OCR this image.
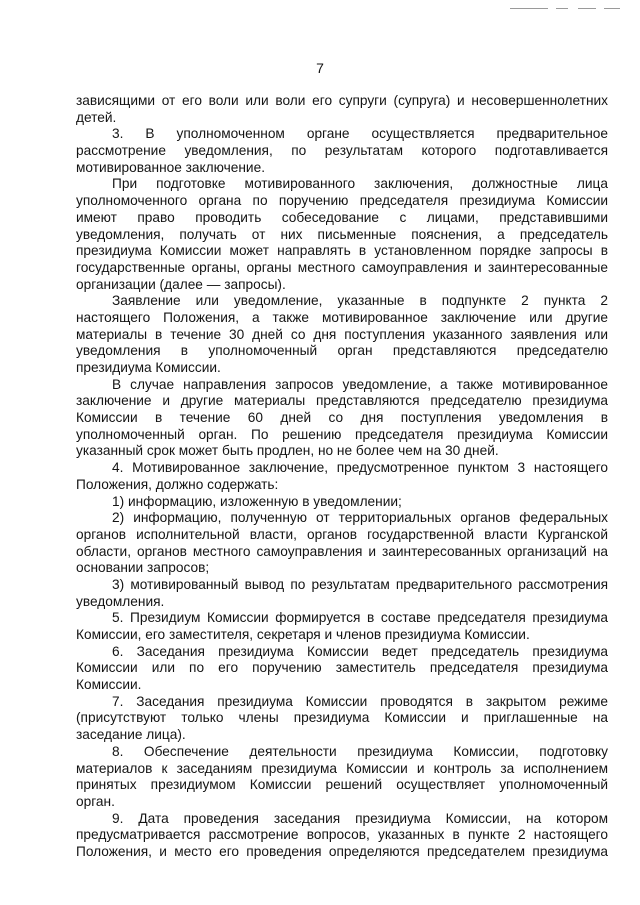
7
зависящими от его воли или воли его супруги (супруга) и несовершеннолетних
детей.
3. В уполномоченном органе осуществляется предварительное
рассмотрение уведомления, по результатам которого подготавливается
мотивированное заключение.
При подготовке мотивированного заключения, должностные лица
уполномоченного органа по поручению председателя президиума Комиссии
имеют право проводить собеседование с лицами, представившими
уведомления, получать от них письменные пояснения, а председатель
президиума Комиссии может направлять в установленном порядке запросы в
государственные органы, органы местного самоуправления и заинтересованные
организации (далее — запросы).
Заявление или уведомление, указанные в подпункте 2 пункта 2
настоящего Положения, а также мотивированное заключение или другие
материалы в течение 30 дней со дня поступления указанного заявления или
уведомления в уполномоченный орган представляются председателю
президиума Комиссии.
В случае направления запросов уведомление, а также мотивированное
заключение и другие материалы представляются председателю президиума
Комиссии в течение 60 дней со дня поступления уведомления в
уполномоченный орган. По решению председателя президиума Комиссии
указанный срок может быть продлен, но не более чем на 30 дней.
4. Мотивированное заключение, предусмотренное пунктом 3 настоящего
Положения, должно содержать:
1) информацию, изложенную в уведомлении;
2) информацию, полученную от территориальных органов федеральных
органов исполнительной власти, органов государственной власти Курганской
области, органов местного самоуправления и заинтересованных организаций на
основании запросов;
3) мотивированный вывод по результатам предварительного рассмотрения
уведомления.
5. Президиум Комиссии формируется в составе председателя президиума
Комиссии, его заместителя, секретаря и членов президиума Комиссии.
6. Заседания президиума Комиссии ведет председатель президиума
Комиссии или по его поручению заместитель председателя президиума
Комиссии.
7. Заседания президиума Комиссии проводятся в закрытом режиме
(присутствуют только члены президиума Комиссии и приглашенные на
заседание лица).
8. Обеспечение деятельности президиума Комиссии, подготовку
материалов к заседаниям президиума Комиссии и контроль за исполнением
принятых президиумом Комиссии решений осуществляет уполномоченный
орган.
9. Дата проведения заседания президиума Комиссии, на котором
предусматривается рассмотрение вопросов, указанных в пункте 2 настоящего
Положения, и место его проведения определяются председателем президиума
